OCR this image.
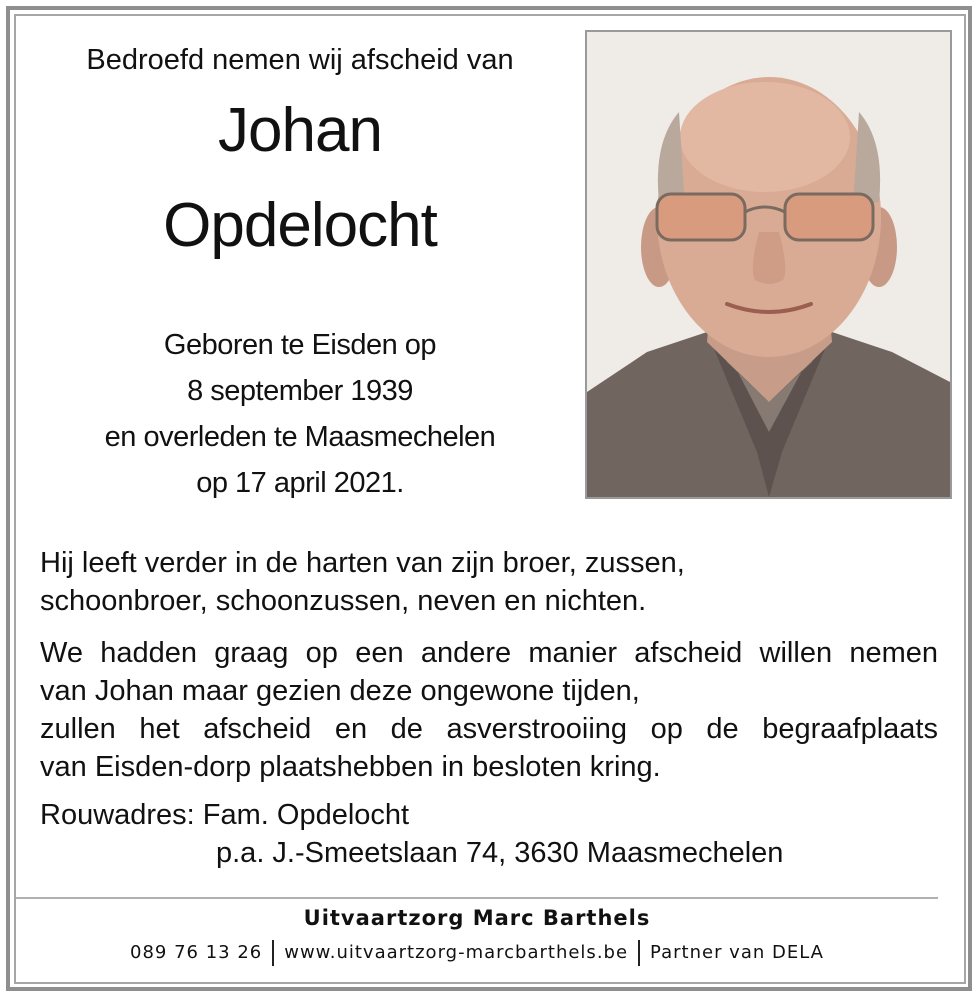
Bedroefd nemen wij afscheid van
Johan
Opdelocht
Geboren te Eisden op
8 september 1939
en overleden te Maasmechelen
op 17 april 2021.
Hij leeft verder in de harten van zijn broer, zussen,
schoonbroer, schoonzussen, neven en nichten.
We hadden graag op een andere manier afscheid willen nemen
van Johan maar gezien deze ongewone tijden,
zullen het afscheid en de asverstrooiing op de begraafplaats
van Eisden-dorp plaatshebben in besloten kring.
Rouwadres: Fam. Opdelocht
p.a. J.-Smeetslaan 74, 3630 Maasmechelen
Uitvaartzorg Marc Barthels
089 76 13 26 www.uitvaartzorg-marcbarthels.be Partner van DELA
